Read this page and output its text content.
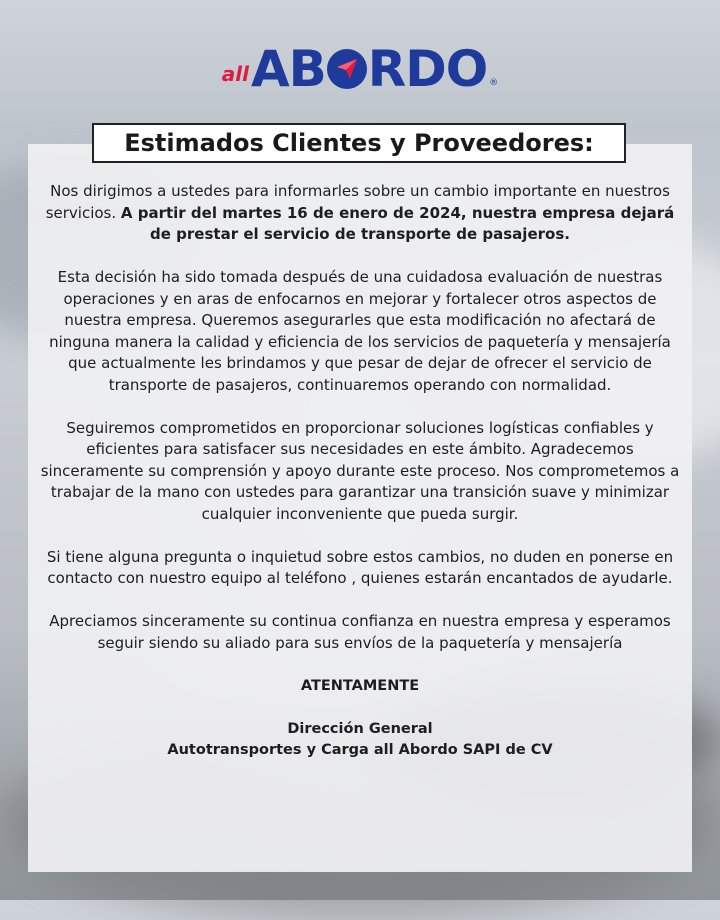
all AB RDO ®
Estimados Clientes y Proveedores:

Nos dirigimos a ustedes para informarles sobre un cambio importante en nuestros servicios. A partir del martes 16 de enero de 2024, nuestra empresa dejará de prestar el servicio de transporte de pasajeros.

Esta decisión ha sido tomada después de una cuidadosa evaluación de nuestras operaciones y en aras de enfocarnos en mejorar y fortalecer otros aspectos de nuestra empresa. Queremos asegurarles que esta modificación no afectará de ninguna manera la calidad y eficiencia de los servicios de paquetería y mensajería que actualmente les brindamos y que pesar de dejar de ofrecer el servicio de transporte de pasajeros, continuaremos operando con normalidad.

Seguiremos comprometidos en proporcionar soluciones logísticas confiables y eficientes para satisfacer sus necesidades en este ámbito. Agradecemos sinceramente su comprensión y apoyo durante este proceso. Nos comprometemos a trabajar de la mano con ustedes para garantizar una transición suave y minimizar cualquier inconveniente que pueda surgir.

Si tiene alguna pregunta o inquietud sobre estos cambios, no duden en ponerse en contacto con nuestro equipo al teléfono , quienes estarán encantados de ayudarle.

Apreciamos sinceramente su continua confianza en nuestra empresa y esperamos seguir siendo su aliado para sus envíos de la paquetería y mensajería

ATENTAMENTE

Dirección General

Autotransportes y Carga all Abordo SAPI de CV
